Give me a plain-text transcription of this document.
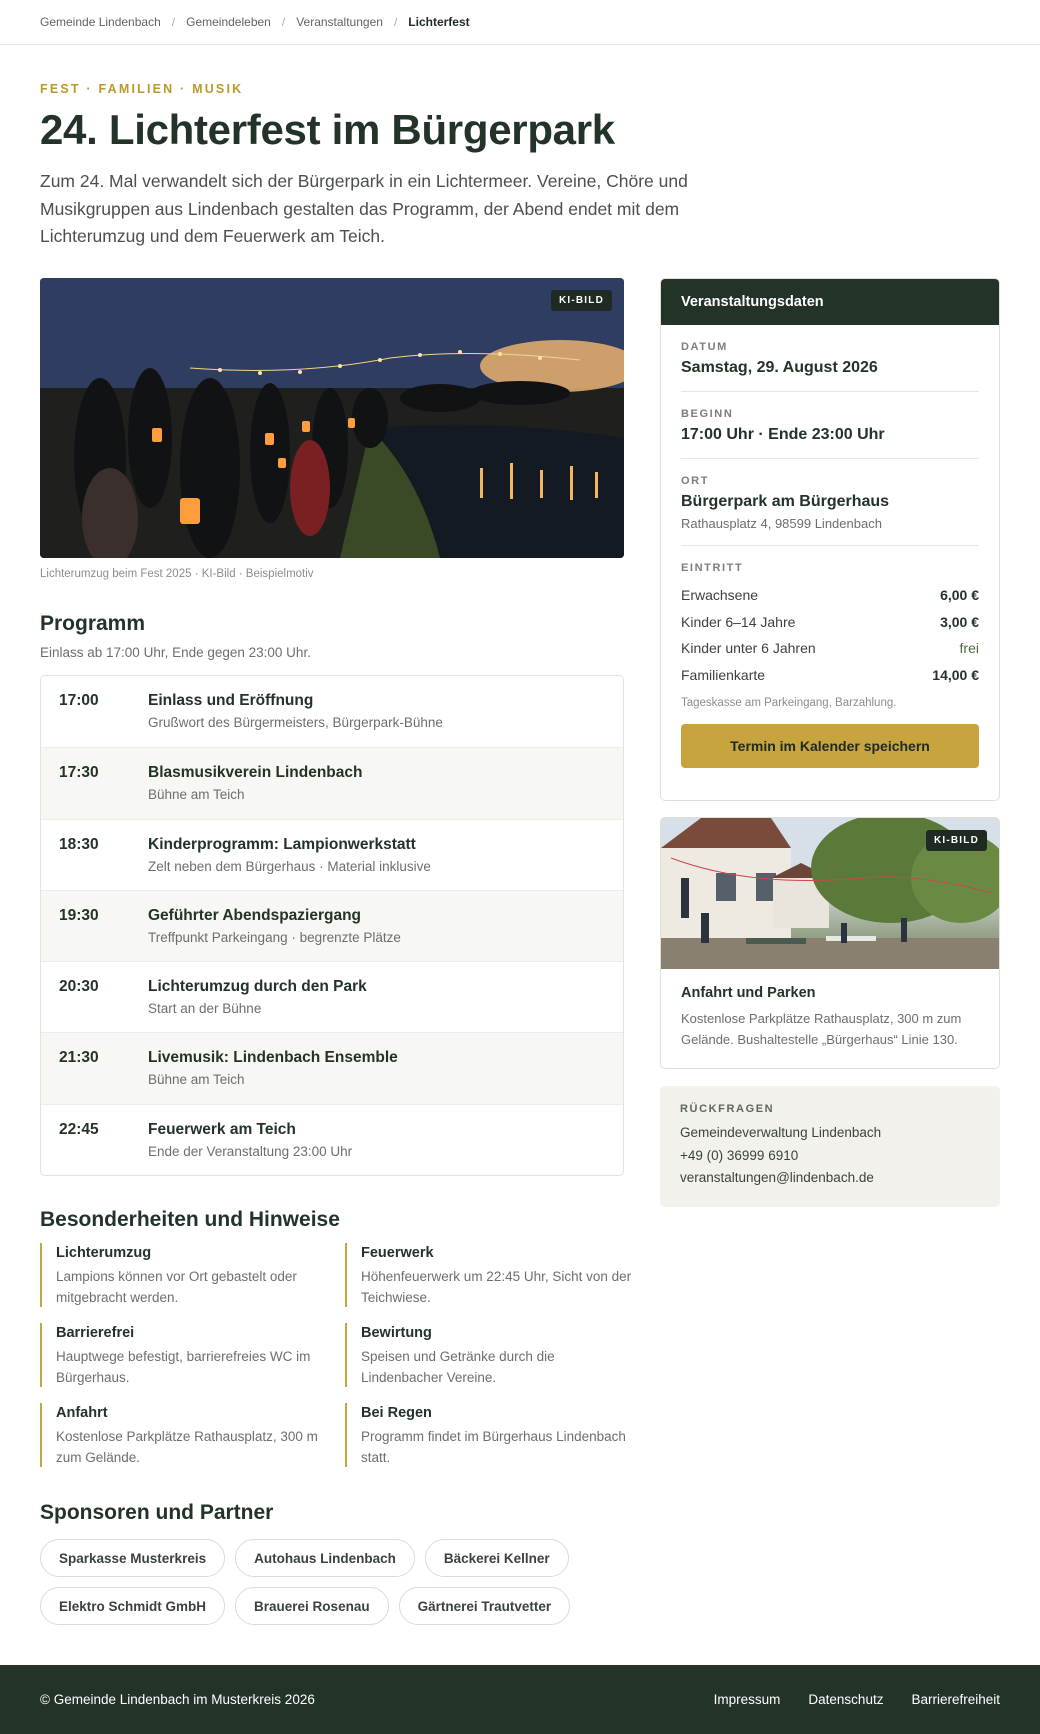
Gemeinde Lindenbach / Gemeindeleben / Veranstaltungen / Lichterfest
FEST · FAMILIEN · MUSIK
24. Lichterfest im Bürgerpark

Zum 24. Mal verwandelt sich der Bürgerpark in ein Lichtermeer. Vereine, Chöre und Musikgruppen aus Lindenbach gestalten das Programm, der Abend endet mit dem Lichterumzug und dem Feuerwerk am Teich.

KI-BILD
Lichterumzug beim Fest 2025 · KI-Bild · Beispielmotiv
Programm
Einlass ab 17:00 Uhr, Ende gegen 23:00 Uhr.
17:00	Einlass und Eröffnung
Grußwort des Bürgermeisters, Bürgerpark-Bühne
17:30	Blasmusikverein Lindenbach
Bühne am Teich
18:30	Kinderprogramm: Lampionwerkstatt
Zelt neben dem Bürgerhaus · Material inklusive
19:30	Geführter Abendspaziergang
Treffpunkt Parkeingang · begrenzte Plätze
20:30	Lichterumzug durch den Park
Start an der Bühne
21:30	Livemusik: Lindenbach Ensemble
Bühne am Teich
22:45	Feuerwerk am Teich
Ende der Veranstaltung 23:00 Uhr
Besonderheiten und Hinweise
Lichterumzug
Lampions können vor Ort gebastelt oder mitgebracht werden.
Feuerwerk
Höhenfeuerwerk um 22:45 Uhr, Sicht von der Teichwiese.
Barrierefrei
Hauptwege befestigt, barrierefreies WC im Bürgerhaus.
Bewirtung
Speisen und Getränke durch die Lindenbacher Vereine.
Anfahrt
Kostenlose Parkplätze Rathausplatz, 300 m zum Gelände.
Bei Regen
Programm findet im Bürgerhaus Lindenbach statt.
Sponsoren und Partner
Sparkasse Musterkreis	Autohaus Lindenbach	Bäckerei Kellner
Elektro Schmidt GmbH	Brauerei Rosenau	Gärtnerei Trautvetter
Veranstaltungsdaten
DATUM
Samstag, 29. August 2026
BEGINN
17:00 Uhr · Ende 23:00 Uhr
ORT
Bürgerpark am Bürgerhaus
Rathausplatz 4, 98599 Lindenbach
EINTRITT
Erwachsene	6,00 €
Kinder 6–14 Jahre	3,00 €
Kinder unter 6 Jahren	frei
Familienkarte	14,00 €
Tageskasse am Parkeingang, Barzahlung.
Termin im Kalender speichern
KI-BILD
Anfahrt und Parken
Kostenlose Parkplätze Rathausplatz, 300 m zum Gelände. Bushaltestelle „Bürgerhaus“ Linie 130.
RÜCKFRAGEN
Gemeindeverwaltung Lindenbach
+49 (0) 36999 6910
veranstaltungen@lindenbach.de
© Gemeinde Lindenbach im Musterkreis 2026	Impressum Datenschutz Barrierefreiheit
